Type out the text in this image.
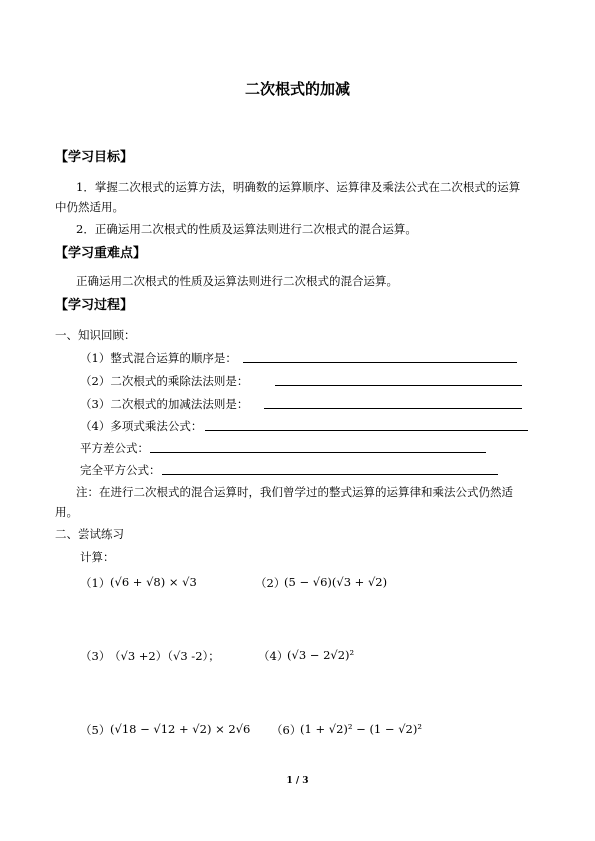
二次根式的加减
【学习目标】
1．掌握二次根式的运算方法，明确数的运算顺序、运算律及乘法公式在二次根式的运算
中仍然适用。
2．正确运用二次根式的性质及运算法则进行二次根式的混合运算。
【学习重难点】
正确运用二次根式的性质及运算法则进行二次根式的混合运算。
【学习过程】
一、知识回顾：
（1）整式混合运算的顺序是：
（2）二次根式的乘除法法则是：
（3）二次根式的加减法法则是：
（4）多项式乘法公式：
平方差公式：
完全平方公式：
注：在进行二次根式的混合运算时，我们曾学过的整式运算的运算律和乘法公式仍然适
用。
二、尝试练习
计算：
（1） (√6 + √8) × √3	（2）
(5 − √6)(√3 + √2)
（3）
（√3 +2）（√3 -2）；	（4）
(√3 − 2√2)²
（5） (√18 − √12 + √2) × 2√6 （6）
(1 + √2)² − (1 − √2)²
1 / 3
